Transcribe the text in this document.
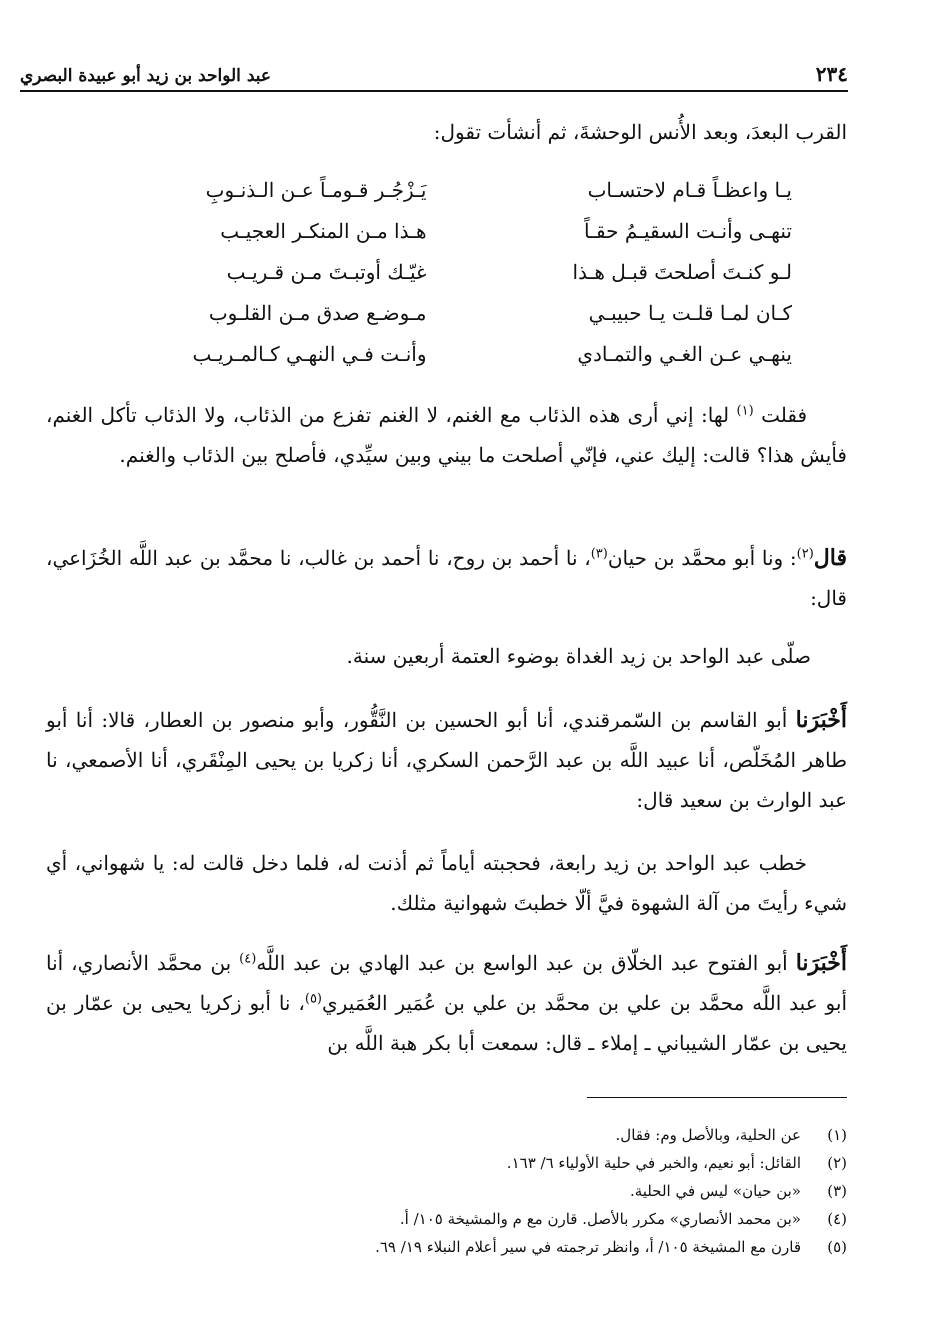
٢٣٤
عبد الواحد بن زيد أبو عبيدة البصري

القرب البعدَ، وبعد الأُنس الوحشةَ، ثم أنشأت تقول:

يـا واعظـاً قـام لاحتسـاب
يَـزْجُـر قـومـاً عـن الـذنـوبِ
تنهـى وأنـت السقيـمُ حقـاً
هـذا مـن المنكـر العجيـب
لـو كنـتَ أصلحتَ قبـل هـذا
غيّـك أوتبـتَ مـن قـريـب
كـان لمـا قلـت يـا حبيبـي
مـوضـع صدق مـن القلـوب
ينهـي عـن الغـي والتمـادي
وأنـت فـي النهـي كـالمـريـب

فقلت $^{(١)}$ لها: إني أرى هذه الذئاب مع الغنم، لا الغنم تفزع من الذئاب، ولا الذئاب تأكل الغنم، فأيش هذا؟ قالت: إليك عني، فإنّي أصلحت ما بيني وبين سيِّدي، فأصلح بين الذئاب والغنم.

قال$^{(٢)}$: ونا أبو محمَّد بن حيان$^{(٣)}$، نا أحمد بن روح، نا أحمد بن غالب، نا محمَّد بن عبد اللَّه الخُزَاعي، قال:

صلّى عبد الواحد بن زيد الغداة بوضوء العتمة أربعين سنة.

أَخْبَرَنا أبو القاسم بن السّمرقندي، أنا أبو الحسين بن النَّقُّور، وأبو منصور بن العطار، قالا: أنا أبو طاهر المُخَلّص، أنا عبيد اللَّه بن عبد الرَّحمن السكري، أنا زكريا بن يحيى المِنْقَري، أنا الأصمعي، نا عبد الوارث بن سعيد قال:

خطب عبد الواحد بن زيد رابعة، فحجبته أياماً ثم أذنت له، فلما دخل قالت له: يا شهواني، أي شيء رأيتَ من آلة الشهوة فيَّ ألّا خطبتَ شهوانية مثلك.

أَخْبَرَنا أبو الفتوح عبد الخلّاق بن عبد الواسع بن عبد الهادي بن عبد اللَّه$^{(٤)}$ بن محمَّد الأنصاري، أنا أبو عبد اللَّه محمَّد بن علي بن محمَّد بن علي بن عُمَير العُمَيري$^{(٥)}$، نا أبو زكريا يحيى بن عمّار بن يحيى بن عمّار الشيباني ـ إملاء ـ قال: سمعت أبا بكر هبة اللَّه بن

(١)
عن الحلية، وبالأصل وم: فقال.
(٢)
القائل: أبو نعيم، والخبر في حلية الأولياء ٦/ ١٦٣.
(٣)
«بن حيان» ليس في الحلية.
(٤)
«بن محمد الأنصاري» مكرر بالأصل. قارن مع م والمشيخة ١٠٥/ أ.
(٥)
قارن مع المشيخة ١٠٥/ أ، وانظر ترجمته في سير أعلام النبلاء ١٩/ ٦٩.
